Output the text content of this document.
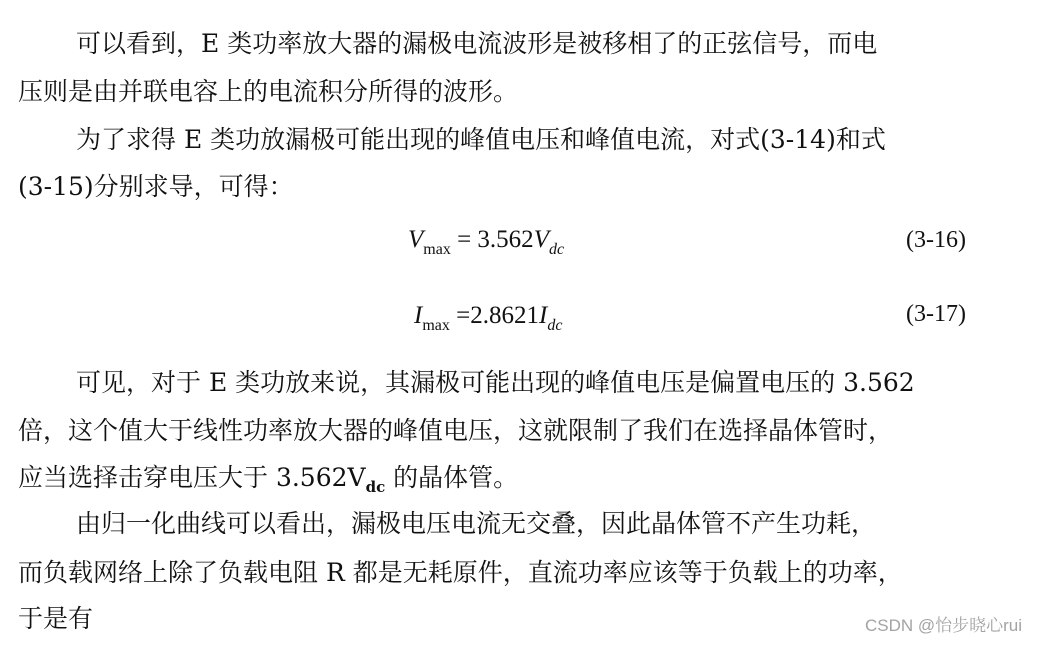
可以看到，E 类功率放大器的漏极电流波形是被移相了的正弦信号，而电
压则是由并联电容上的电流积分所得的波形。
为了求得 E 类功放漏极可能出现的峰值电压和峰值电流，对式(3-14)和式
(3-15)分别求导，可得：
$V_{max} = 3.562V_{dc}$	(3-16)
$I_{max} =2.8621I_{dc}$	(3-17)
可见，对于 E 类功放来说，其漏极可能出现的峰值电压是偏置电压的 3.562
倍，这个值大于线性功率放大器的峰值电压，这就限制了我们在选择晶体管时，
应当选择击穿电压大于 $3.562V_{dc}$ 的晶体管。
由归一化曲线可以看出，漏极电压电流无交叠，因此晶体管不产生功耗，
而负载网络上除了负载电阻 R 都是无耗原件，直流功率应该等于负载上的功率，
于是有	CSDN @怡步晓心rui
